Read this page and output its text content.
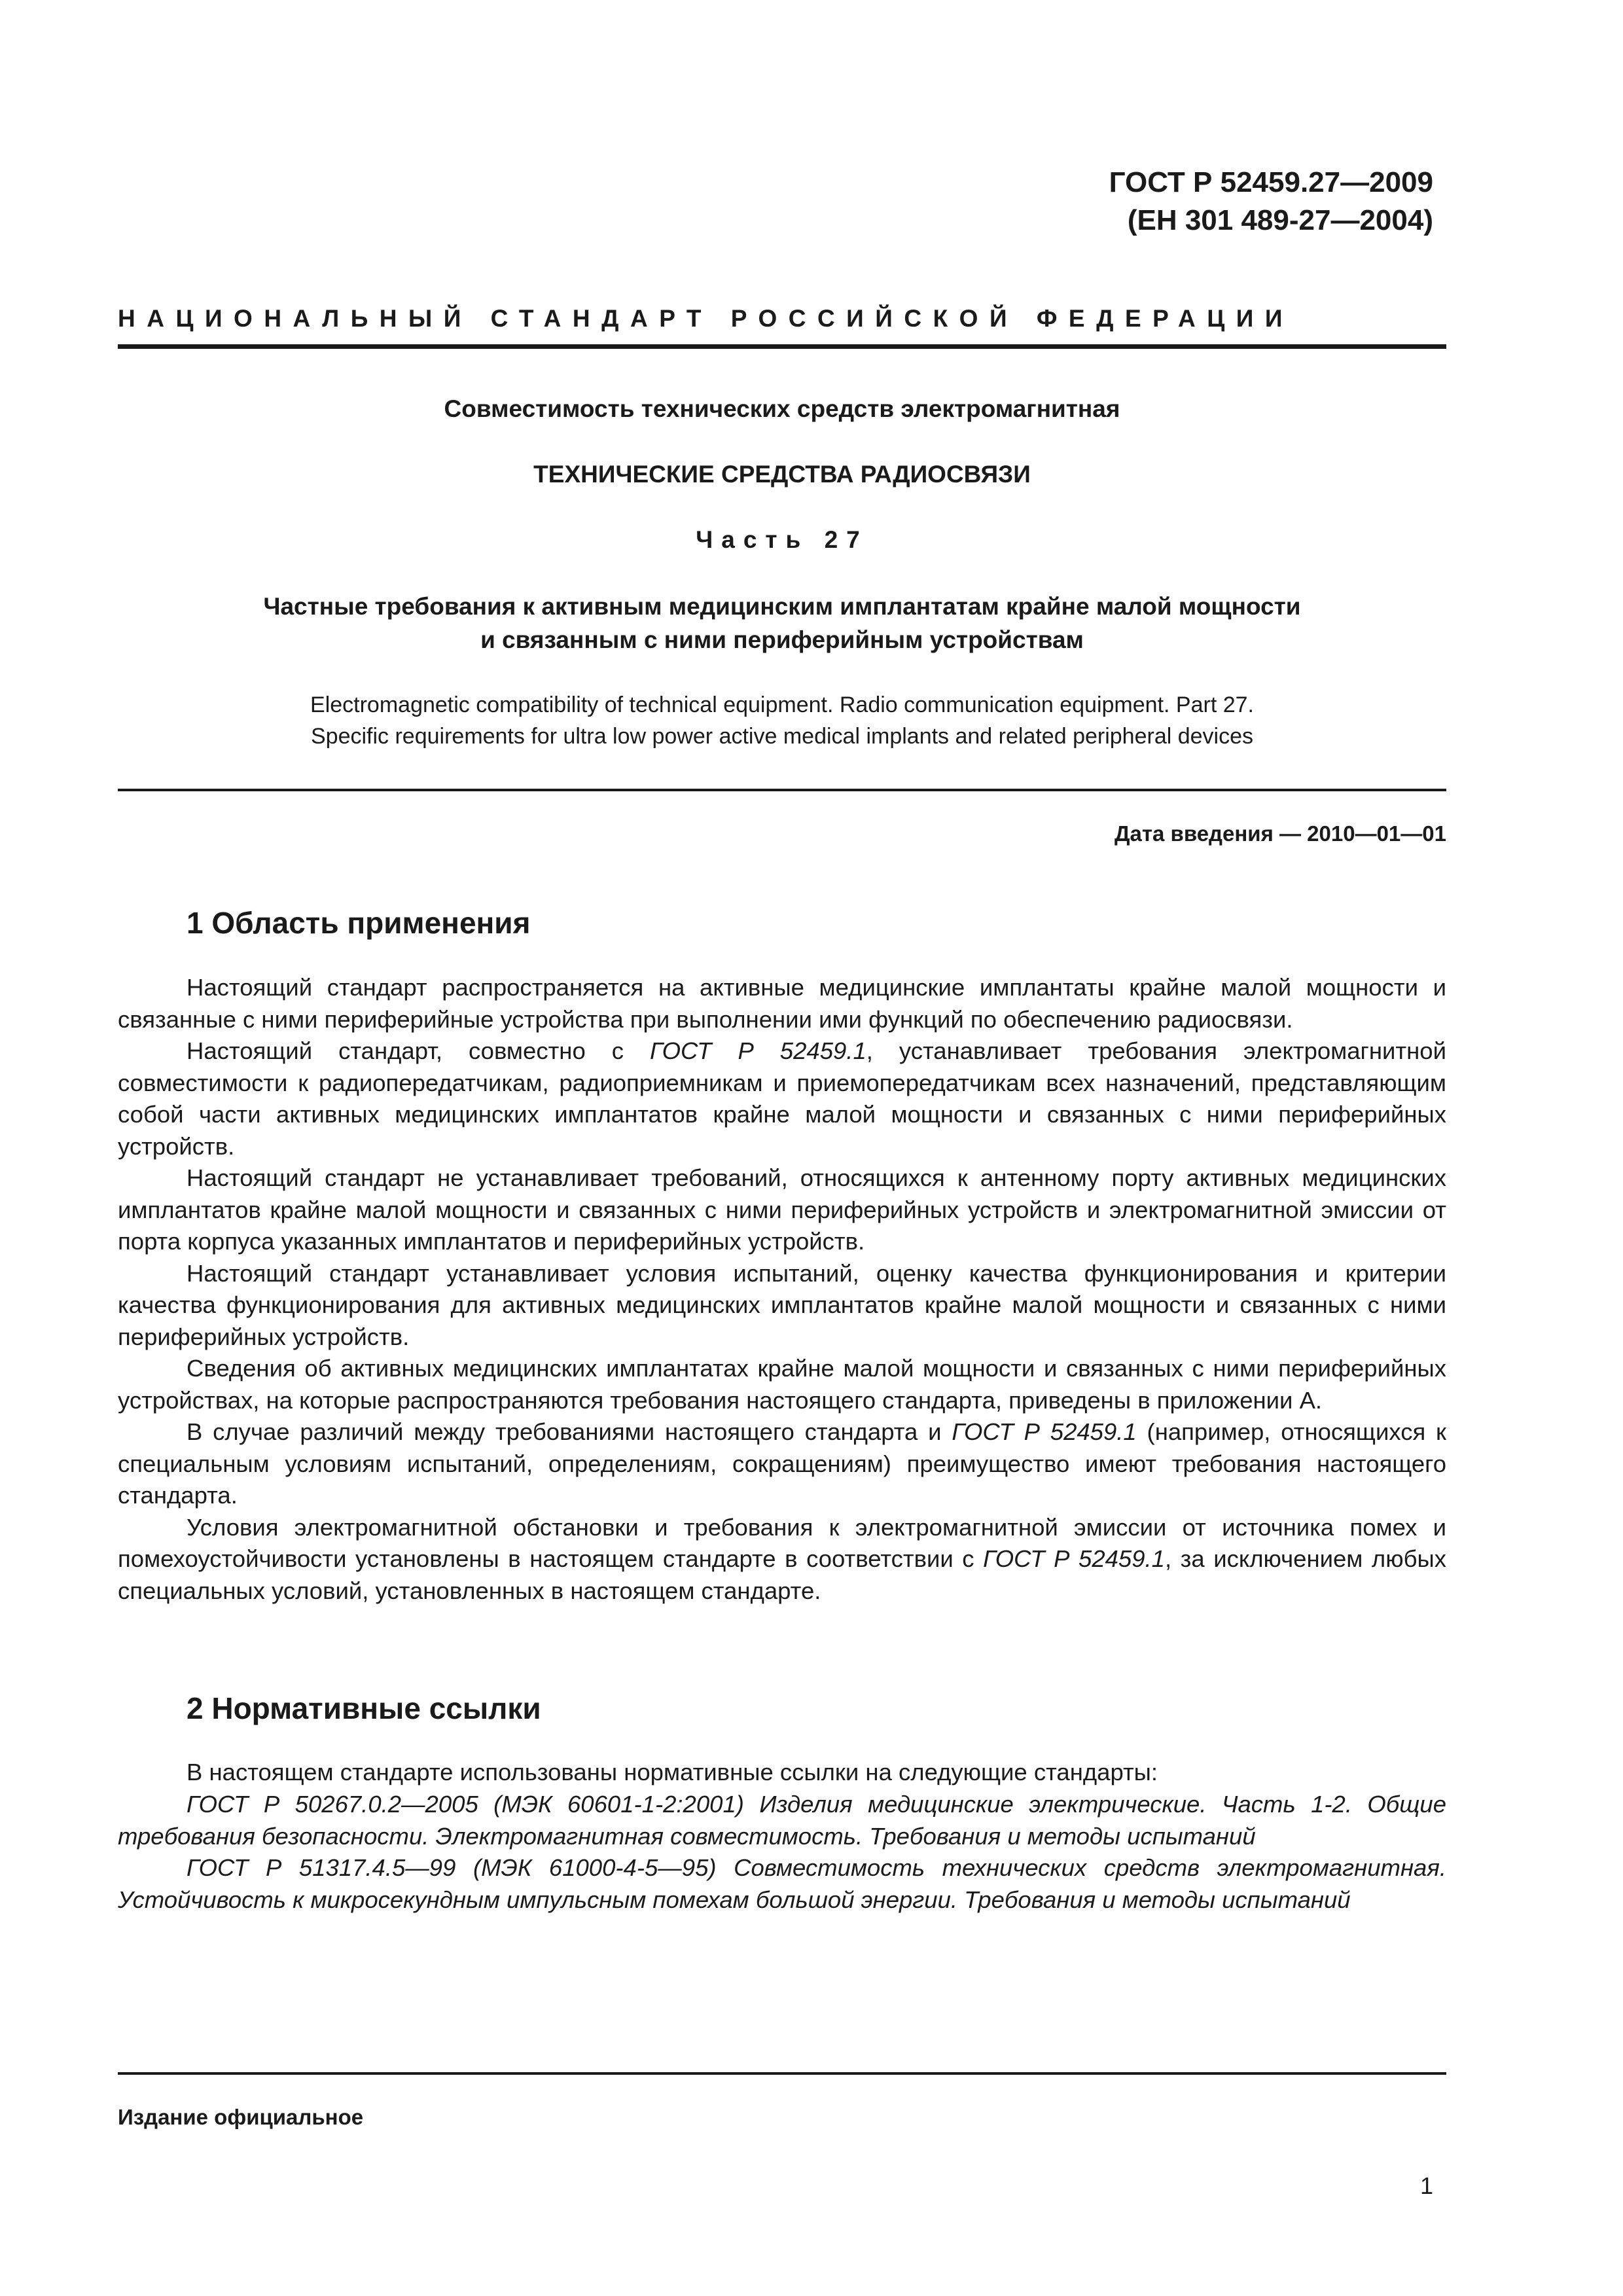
ГОСТ Р 52459.27—2009
(ЕН 301 489-27—2004)
НАЦИОНАЛЬНЫЙ СТАНДАРТ РОССИЙСКОЙ ФЕДЕРАЦИИ
Совместимость технических средств электромагнитная
ТЕХНИЧЕСКИЕ СРЕДСТВА РАДИОСВЯЗИ
Часть 27
Частные требования к активным медицинским имплантатам крайне малой мощности
и связанным с ними периферийным устройствам
Electromagnetic compatibility of technical equipment. Radio communication equipment. Part 27.
Specific requirements for ultra low power active medical implants and related peripheral devices
Дата введения — 2010—01—01
1 Область применения

Настоящий стандарт распространяется на активные медицинские имплантаты крайне малой мощности и связанные с ними периферийные устройства при выполнении ими функций по обеспечению радиосвязи.

Настоящий стандарт, совместно с ГОСТ Р 52459.1, устанавливает требования электромагнитной совместимости к радиопередатчикам, радиоприемникам и приемопередатчикам всех назначений, представляющим собой части активных медицинских имплантатов крайне малой мощности и связанных с ними периферийных устройств.

Настоящий стандарт не устанавливает требований, относящихся к антенному порту активных медицинских имплантатов крайне малой мощности и связанных с ними периферийных устройств и электромагнитной эмиссии от порта корпуса указанных имплантатов и периферийных устройств.

Настоящий стандарт устанавливает условия испытаний, оценку качества функционирования и критерии качества функционирования для активных медицинских имплантатов крайне малой мощности и связанных с ними периферийных устройств.

Сведения об активных медицинских имплантатах крайне малой мощности и связанных с ними периферийных устройствах, на которые распространяются требования настоящего стандарта, приведены в приложении А.

В случае различий между требованиями настоящего стандарта и ГОСТ Р 52459.1 (например, относящихся к специальным условиям испытаний, определениям, сокращениям) преимущество имеют требования настоящего стандарта.

Условия электромагнитной обстановки и требования к электромагнитной эмиссии от источника помех и помехоустойчивости установлены в настоящем стандарте в соответствии с ГОСТ Р 52459.1, за исключением любых специальных условий, установленных в настоящем стандарте.

2 Нормативные ссылки

В настоящем стандарте использованы нормативные ссылки на следующие стандарты:

ГОСТ Р 50267.0.2—2005 (МЭК 60601-1-2:2001) Изделия медицинские электрические. Часть 1-2. Общие требования безопасности. Электромагнитная совместимость. Требования и методы испытаний

ГОСТ Р 51317.4.5—99 (МЭК 61000-4-5—95) Совместимость технических средств электромагнитная. Устойчивость к микросекундным импульсным помехам большой энергии. Требования и методы испытаний

Издание официальное
1
